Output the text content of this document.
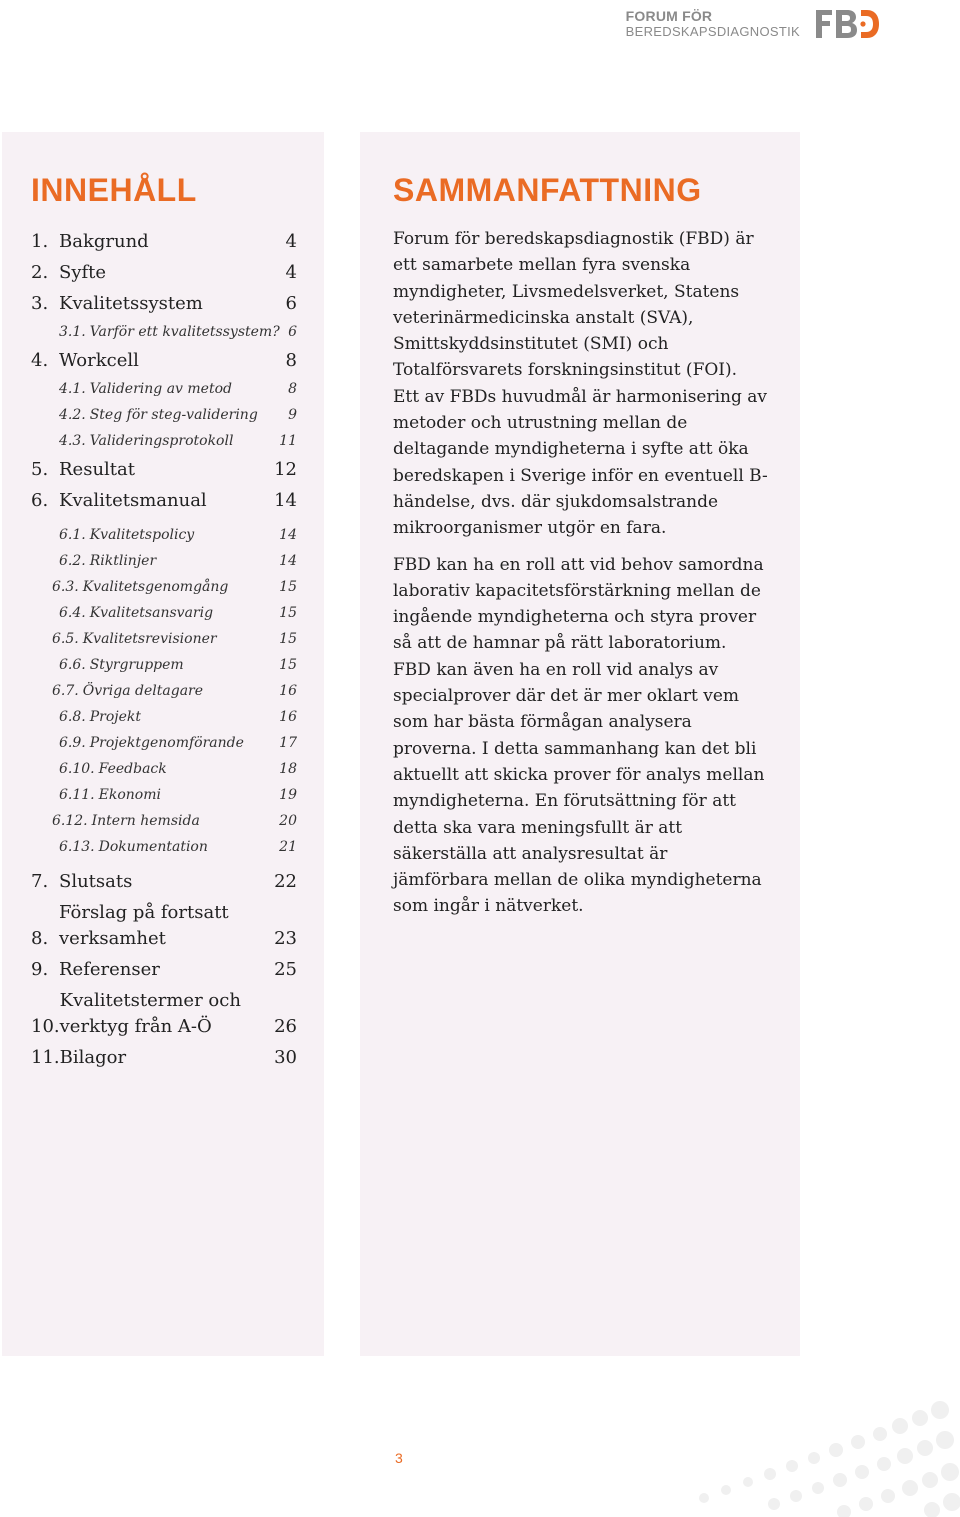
FORUM FÖR
BEREDSKAPSDIAGNOSTIK
INNEHÅLL	SAMMANFATTNING
1. Bakgrund	4
2. Syfte	4
3. Kvalitetssystem	6
3.1. Varför ett kvalitetssystem? 6
4. Workcell	8
4.1. Validering av metod	8
4.2. Steg för steg-validering	9
4.3. Valideringsprotokoll	11
5. Resultat	12
6. Kvalitetsmanual	14
6.1. Kvalitetspolicy	14
6.2. Riktlinjer	14
6.3. Kvalitetsgenomgång	15
6.4. Kvalitetsansvarig	15
6.5. Kvalitetsrevisioner	15
6.6. Styrgruppem	15
6.7. Övriga deltagare	16
6.8. Projekt	16
6.9. Projektgenomförande	17
6.10. Feedback	18
6.11. Ekonomi	19
6.12. Intern hemsida	20
6.13. Dokumentation	21
7. Slutsats	22
8.
Förslag på fortsatt
verksamhet	23
9. Referenser	25
10.
Kvalitetstermer och
verktyg från A-Ö	26
11. Bilagor	30

Forum för beredskapsdiagnostik (FBD) är ett samarbete mellan fyra svenska myndigheter, Livsmedelsverket, Statens veterinärmedicinska anstalt (SVA), Smittskyddsinstitutet (SMI) och Totalförsvarets forskningsinstitut (FOI). Ett av FBDs huvudmål är harmonisering av metoder och utrustning mellan de deltagande myndigheterna i syfte att öka beredskapen i Sverige inför en eventuell B-händelse, dvs. där sjukdomsalstrande mikroorganismer utgör en fara.

FBD kan ha en roll att vid behov samordna laborativ kapacitetsförstärkning mellan de ingående myndigheterna och styra prover så att de hamnar på rätt laboratorium. FBD kan även ha en roll vid analys av specialprover där det är mer oklart vem som har bästa förmågan analysera proverna. I detta sammanhang kan det bli aktuellt att skicka prover för analys mellan myndigheterna. En förutsättning för att detta ska vara meningsfullt är att säkerställa att analysresultat är jämförbara mellan de olika myndigheterna som ingår i nätverket.

3
